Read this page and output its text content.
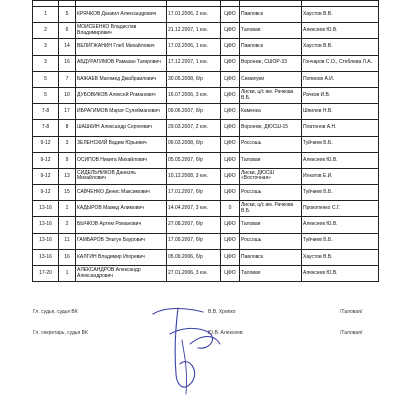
1	5	КРЯЧКОВ Даниил Александрович	17.01.2006, 2 юн.	ЦФО	Павловск	Хаустов В.В.
2	6	МОИСЕЕНКО Владислав Владимирович	21.12.2007, 1 юн.	ЦФО	Таловая	Алексеев Ю.В.
3	14	ВЕЛИГЖАНИН Глеб Михайлович	17.03.2006, 1 юн.	ЦФО	Павловск	Хаустов В.В.
3	16	АБДУРАГИМОВ Рамазан Тагирович	17.12.2007, 1 юн.	ЦФО	Воронеж, СШОР-33	Гончаров С.О., Стеблева Л.А.
5	7	БАЖАЕВ Магомед Джабраилович	30.05.2008, б/р	ЦФО	Семилуки	Попинов А.И.
5	10	ДУБОВИКОВ Алексей Романович	16.07.2006, 3 юн.	ЦФО	Лиски, ц/с им. Рачкова В.Б.	Рачков И.В.
7-8	17	ИБРАГИМОВ Марат Сулейманович	09.06.2007, б/р	ЦФО	Каменка	Шпилев Н.В.
7-8	8	ШАШКИН Александр Сергеевич	29.03.2007, 2 юн.	ЦФО	Воронеж, ДЮСШ-15	Платонов А.Н.
9-12	3	ЗЕЛЕНСКИЙ Вадим Юрьевич	06.03.2008, б/р	ЦФО	Россошь	Туйчиев Б.Б.
9-12	9	ОСИПОВ Никита Михайлович	05.05.2007, б/р	ЦФО	Таловая	Алексеев Ю.В.
9-12	13	СИДЕЛЬНИКОВ Даниэль Михайлович	10.12.2008, 3 юн.	ЦФО	Лиски, ДЮСШ «Восточная»	Игнатов Е.И.
9-12	15	САВЧЕНКО Денис Максимович	17.01.2007, б/р	ЦФО	Россошь	Туйчиев Б.Б.
13-16	1	КАДЫРОВ Мамед Алимович	14.04.2007, 3 юн.	0	Лиски, ц/с им. Рачкова В.Б.	Прокопенко С.Г.
13-16	2	БЫЧКОВ Артем Романович	27.08.2007, б/р	ЦФО	Таловая	Алексеев Ю.В.
13-16	11	ГАМБАРОВ Эльтун Баурович	17.09.2007, б/р	ЦФО	Россошь	Туйчиев Б.Б.
13-16	16	КАЛГИН Владимир Игоревич	05.09.2006, б/р	ЦФО	Павловск	Хаустов В.В.
17-20	1	АЛЕКСАНДРОВ Александр Александрович	27.01.2006, 3 юн.	ЦФО	Таловая	Алексеев Ю.В.
Гл. судья, судья ВК	В.В. Хрипко	/Таловая/
Гл. секретарь, судья ВК	Ю.В. Алексеев	/Таловая/
